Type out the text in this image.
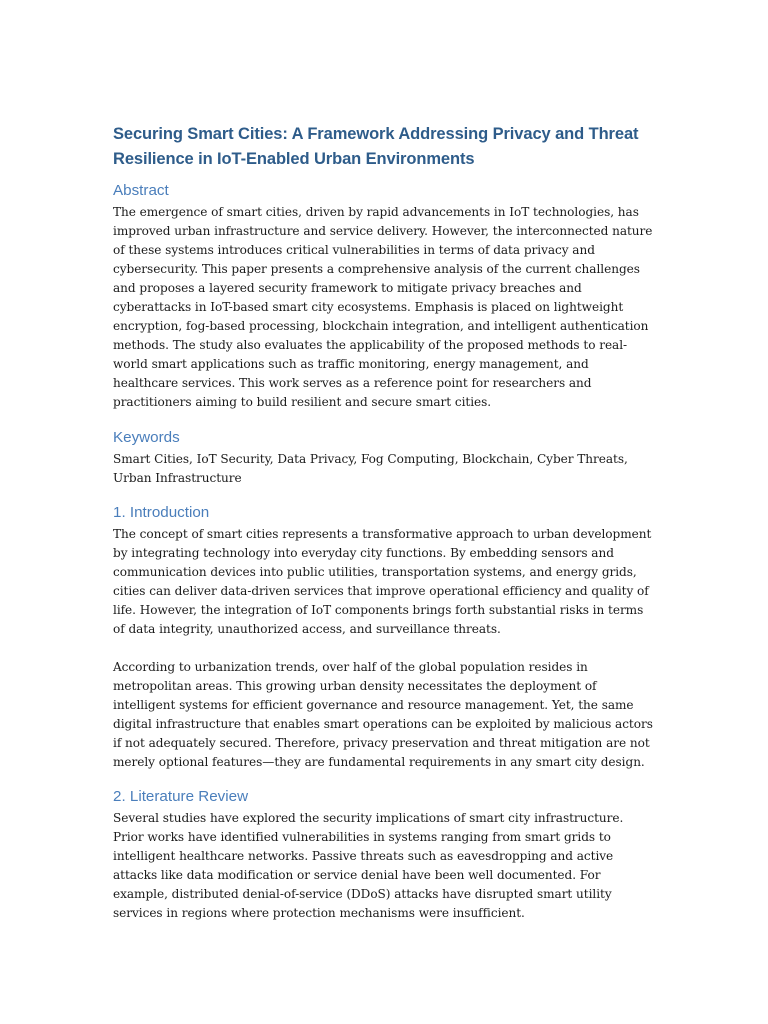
Securing Smart Cities: A Framework Addressing Privacy and Threat Resilience in IoT-Enabled Urban Environments
Abstract

The emergence of smart cities, driven by rapid advancements in IoT technologies, has improved urban infrastructure and service delivery. However, the interconnected nature of these systems introduces critical vulnerabilities in terms of data privacy and cybersecurity. This paper presents a comprehensive analysis of the current challenges and proposes a layered security framework to mitigate privacy breaches and cyberattacks in IoT-based smart city ecosystems. Emphasis is placed on lightweight encryption, fog-based processing, blockchain integration, and intelligent authentication methods. The study also evaluates the applicability of the proposed methods to real-world smart applications such as traffic monitoring, energy management, and healthcare services. This work serves as a reference point for researchers and practitioners aiming to build resilient and secure smart cities.

Keywords

Smart Cities, IoT Security, Data Privacy, Fog Computing, Blockchain, Cyber Threats, Urban Infrastructure

1. Introduction

The concept of smart cities represents a transformative approach to urban development by integrating technology into everyday city functions. By embedding sensors and communication devices into public utilities, transportation systems, and energy grids, cities can deliver data-driven services that improve operational efficiency and quality of life. However, the integration of IoT components brings forth substantial risks in terms of data integrity, unauthorized access, and surveillance threats.

According to urbanization trends, over half of the global population resides in metropolitan areas. This growing urban density necessitates the deployment of intelligent systems for efficient governance and resource management. Yet, the same digital infrastructure that enables smart operations can be exploited by malicious actors if not adequately secured. Therefore, privacy preservation and threat mitigation are not merely optional features—they are fundamental requirements in any smart city design.

2. Literature Review

Several studies have explored the security implications of smart city infrastructure. Prior works have identified vulnerabilities in systems ranging from smart grids to intelligent healthcare networks. Passive threats such as eavesdropping and active attacks like data modification or service denial have been well documented. For example, distributed denial-of-service (DDoS) attacks have disrupted smart utility services in regions where protection mechanisms were insufficient.
